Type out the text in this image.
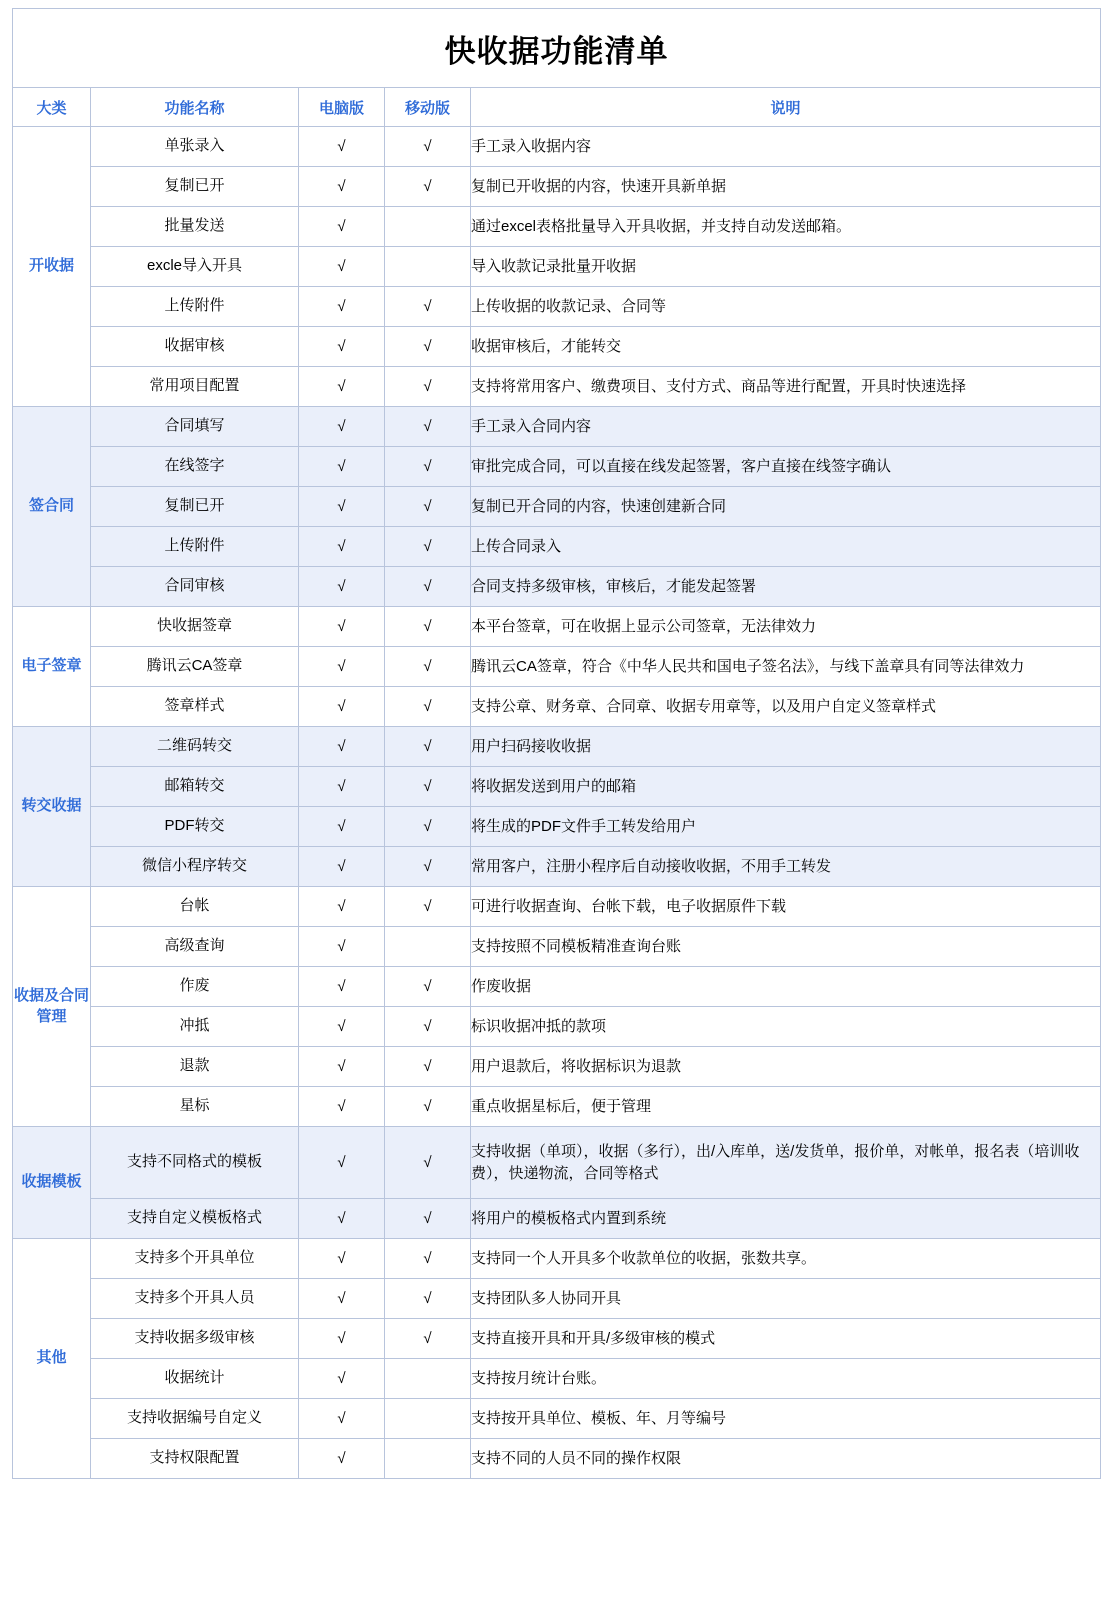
快收据功能清单				
大类	功能名称	电脑版	移动版	说明
开收据	单张录入	√	√	手工录入收据内容
	复制已开	√	√	复制已开收据的内容，快速开具新单据
	批量发送	√		通过excel表格批量导入开具收据，并支持自动发送邮箱。
	excle导入开具	√		导入收款记录批量开收据
	上传附件	√	√	上传收据的收款记录、合同等
	收据审核	√	√	收据审核后，才能转交
	常用项目配置	√	√	支持将常用客户、缴费项目、支付方式、商品等进行配置，开具时快速选择
签合同	合同填写	√	√	手工录入合同内容
	在线签字	√	√	审批完成合同，可以直接在线发起签署，客户直接在线签字确认

	复制已开	√	√	复制已开合同的内容，快速创建新合同
	上传附件	√	√	上传合同录入
	合同审核	√	√	合同支持多级审核，审核后，才能发起签署
电子签章	快收据签章	√	√	本平台签章，可在收据上显示公司签章，无法律效力
	腾讯云CA签章	√	√	腾讯云CA签章，符合《中华人民共和国电子签名法》，与线下盖章具有同等法律效力
	签章样式	√	√	支持公章、财务章、合同章、收据专用章等，以及用户自定义签章样式
转交收据	二维码转交	√	√	用户扫码接收收据
	邮箱转交	√	√	将收据发送到用户的邮箱
	PDF转交	√	√	将生成的PDF文件手工转发给用户
	微信小程序转交	√	√	常用客户，注册小程序后自动接收收据，不用手工转发
收据及合同管理	台帐	√	√	可进行收据查询、台帐下载，电子收据原件下载
	高级查询	√		支持按照不同模板精准查询台账
	作废	√	√	作废收据
	冲抵	√	√	标识收据冲抵的款项
	退款	√	√	用户退款后，将收据标识为退款
	星标	√	√	重点收据星标后，便于管理
收据模板	支持不同格式的模板	√	√	支持收据（单项），收据（多行），出/入库单，送/发货单，报价单，对帐单，报名表（培训收费），快递物流，合同等格式
	支持自定义模板格式	√	√	将用户的模板格式内置到系统
其他	支持多个开具单位	√	√	支持同一个人开具多个收款单位的收据，张数共享。
	支持多个开具人员	√	√	支持团队多人协同开具
	支持收据多级审核	√	√	支持直接开具和开具/多级审核的模式
	收据统计	√		支持按月统计台账。
	支持收据编号自定义	√		支持按开具单位、模板、年、月等编号
	支持权限配置	√		支持不同的人员不同的操作权限
